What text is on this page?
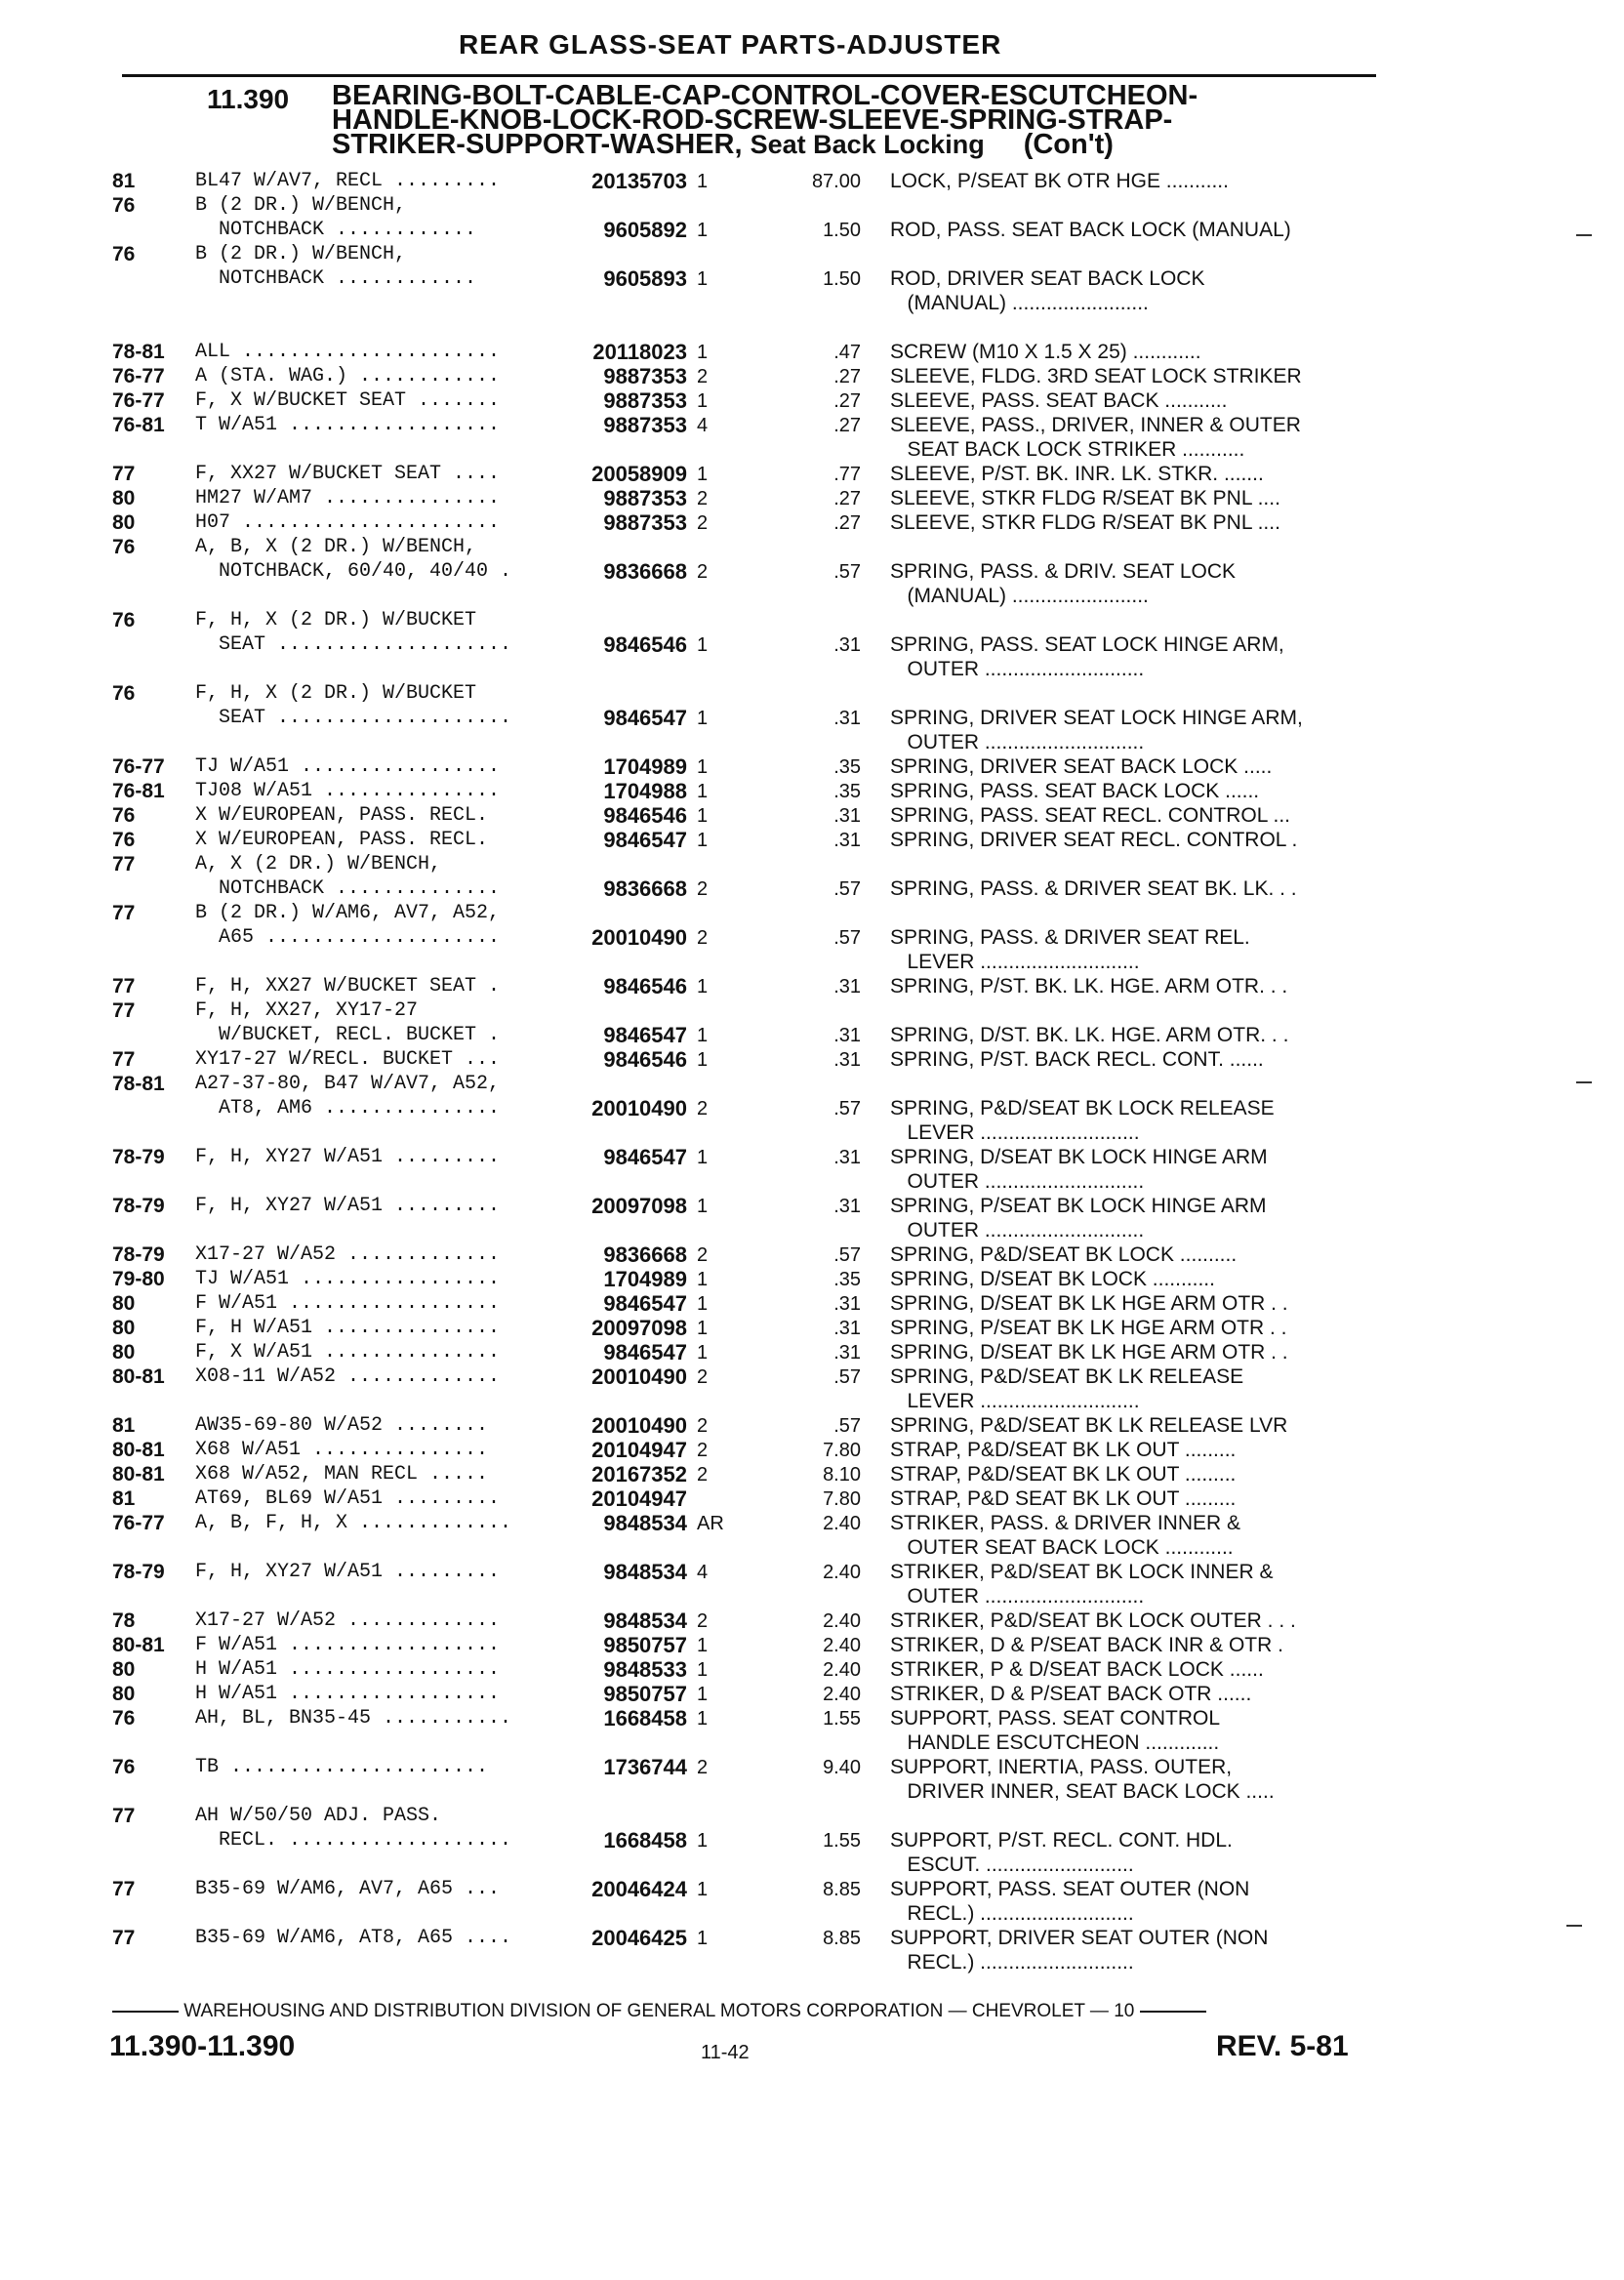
REAR GLASS-SEAT PARTS-ADJUSTER
11.390 BEARING-BOLT-CABLE-CAP-CONTROL-COVER-ESCUTCHEON-
HANDLE-KNOB-LOCK-ROD-SCREW-SLEEVE-SPRING-STRAP-
STRIKER-SUPPORT-WASHER, Seat Back Locking (Con't)
81	BL47 W/AV7, RECL .........	20135703 1	87.00 LOCK, P/SEAT BK OTR HGE ...........
76	B (2 DR.) W/BENCH,
NOTCHBACK ............	9605892 1	1.50 ROD, PASS. SEAT BACK LOCK (MANUAL)
76	B (2 DR.) W/BENCH,
NOTCHBACK ............	9605893 1	1.50 ROD, DRIVER SEAT BACK LOCK
(MANUAL) ........................
78-81 ALL ......................	20118023 1	.47 SCREW (M10 X 1.5 X 25) ............
76-77 A (STA. WAG.) ............	9887353 2	.27 SLEEVE, FLDG. 3RD SEAT LOCK STRIKER
76-77 F, X W/BUCKET SEAT .......	9887353 1	.27 SLEEVE, PASS. SEAT BACK ...........
76-81 T W/A51 ..................	9887353 4	.27 SLEEVE, PASS., DRIVER, INNER & OUTER
SEAT BACK LOCK STRIKER ...........
77	F, XX27 W/BUCKET SEAT ....	20058909 1	.77 SLEEVE, P/ST. BK. INR. LK. STKR. .......
80	HM27 W/AM7 ...............	9887353 2	.27 SLEEVE, STKR FLDG R/SEAT BK PNL ....
80	H07 ......................	9887353 2	.27 SLEEVE, STKR FLDG R/SEAT BK PNL ....
76	A, B, X (2 DR.) W/BENCH,
NOTCHBACK, 60/40, 40/40 .	9836668 2	.57 SPRING, PASS. & DRIV. SEAT LOCK
(MANUAL) ........................
76	F, H, X (2 DR.) W/BUCKET
SEAT ....................	9846546 1	.31 SPRING, PASS. SEAT LOCK HINGE ARM,
OUTER ............................
76	F, H, X (2 DR.) W/BUCKET
SEAT ....................	9846547 1	.31 SPRING, DRIVER SEAT LOCK HINGE ARM,
OUTER ............................
76-77 TJ W/A51 .................	1704989 1	.35 SPRING, DRIVER SEAT BACK LOCK .....
76-81 TJ08 W/A51 ...............	1704988 1	.35 SPRING, PASS. SEAT BACK LOCK ......
76	X W/EUROPEAN, PASS. RECL.	9846546 1	.31 SPRING, PASS. SEAT RECL. CONTROL ...
76	X W/EUROPEAN, PASS. RECL.	9846547 1	.31 SPRING, DRIVER SEAT RECL. CONTROL .
77	A, X (2 DR.) W/BENCH,
NOTCHBACK ..............	9836668 2	.57 SPRING, PASS. & DRIVER SEAT BK. LK. . .
77	B (2 DR.) W/AM6, AV7, A52,
A65 ....................	20010490 2	.57 SPRING, PASS. & DRIVER SEAT REL.
LEVER ............................
77	F, H, XX27 W/BUCKET SEAT .	9846546 1	.31 SPRING, P/ST. BK. LK. HGE. ARM OTR. . .
77	F, H, XX27, XY17-27
W/BUCKET, RECL. BUCKET .	9846547 1	.31 SPRING, D/ST. BK. LK. HGE. ARM OTR. . .
77	XY17-27 W/RECL. BUCKET ...	9846546 1	.31 SPRING, P/ST. BACK RECL. CONT. ......
78-81 A27-37-80, B47 W/AV7, A52,
AT8, AM6 ...............	20010490 2	.57 SPRING, P&D/SEAT BK LOCK RELEASE
LEVER ............................
78-79 F, H, XY27 W/A51 .........	9846547 1	.31 SPRING, D/SEAT BK LOCK HINGE ARM
OUTER ............................
78-79 F, H, XY27 W/A51 .........	20097098 1	.31 SPRING, P/SEAT BK LOCK HINGE ARM
OUTER ............................
78-79 X17-27 W/A52 .............	9836668 2	.57 SPRING, P&D/SEAT BK LOCK ..........
79-80 TJ W/A51 .................	1704989 1	.35 SPRING, D/SEAT BK LOCK ...........
80	F W/A51 ..................	9846547 1	.31 SPRING, D/SEAT BK LK HGE ARM OTR . .
80	F, H W/A51 ...............	20097098 1	.31 SPRING, P/SEAT BK LK HGE ARM OTR . .
80	F, X W/A51 ...............	9846547 1	.31 SPRING, D/SEAT BK LK HGE ARM OTR . .
80-81 X08-11 W/A52 .............	20010490 2	.57 SPRING, P&D/SEAT BK LK RELEASE
LEVER ............................
81	AW35-69-80 W/A52 ........	20010490 2	.57 SPRING, P&D/SEAT BK LK RELEASE LVR
80-81 X68 W/A51 ...............	20104947 2	7.80 STRAP, P&D/SEAT BK LK OUT .........
80-81 X68 W/A52, MAN RECL .....	20167352 2	8.10 STRAP, P&D/SEAT BK LK OUT .........
81	AT69, BL69 W/A51 .........	20104947	7.80 STRAP, P&D SEAT BK LK OUT .........
76-77 A, B, F, H, X .............	9848534 AR	2.40 STRIKER, PASS. & DRIVER INNER &
OUTER SEAT BACK LOCK ............
78-79 F, H, XY27 W/A51 .........	9848534 4	2.40 STRIKER, P&D/SEAT BK LOCK INNER &
OUTER ............................
78	X17-27 W/A52 .............	9848534 2	2.40 STRIKER, P&D/SEAT BK LOCK OUTER . . .
80-81 F W/A51 ..................	9850757 1	2.40 STRIKER, D & P/SEAT BACK INR & OTR .
80	H W/A51 ..................	9848533 1	2.40 STRIKER, P & D/SEAT BACK LOCK ......
80	H W/A51 ..................	9850757 1	2.40 STRIKER, D & P/SEAT BACK OTR ......
76	AH, BL, BN35-45 ...........	1668458 1	1.55 SUPPORT, PASS. SEAT CONTROL
HANDLE ESCUTCHEON .............
76	TB ......................	1736744 2	9.40 SUPPORT, INERTIA, PASS. OUTER,
DRIVER INNER, SEAT BACK LOCK .....
77	AH W/50/50 ADJ. PASS.
RECL. ...................	1668458 1	1.55 SUPPORT, P/ST. RECL. CONT. HDL.
ESCUT. ..........................
77	B35-69 W/AM6, AV7, A65 ...	20046424 1	8.85 SUPPORT, PASS. SEAT OUTER (NON
RECL.) ...........................
77	B35-69 W/AM6, AT8, A65 ....	20046425 1	8.85 SUPPORT, DRIVER SEAT OUTER (NON
RECL.) ...........................
WAREHOUSING AND DISTRIBUTION DIVISION OF GENERAL MOTORS CORPORATION — CHEVROLET — 10
11.390-11.390	11-42	REV. 5-81
